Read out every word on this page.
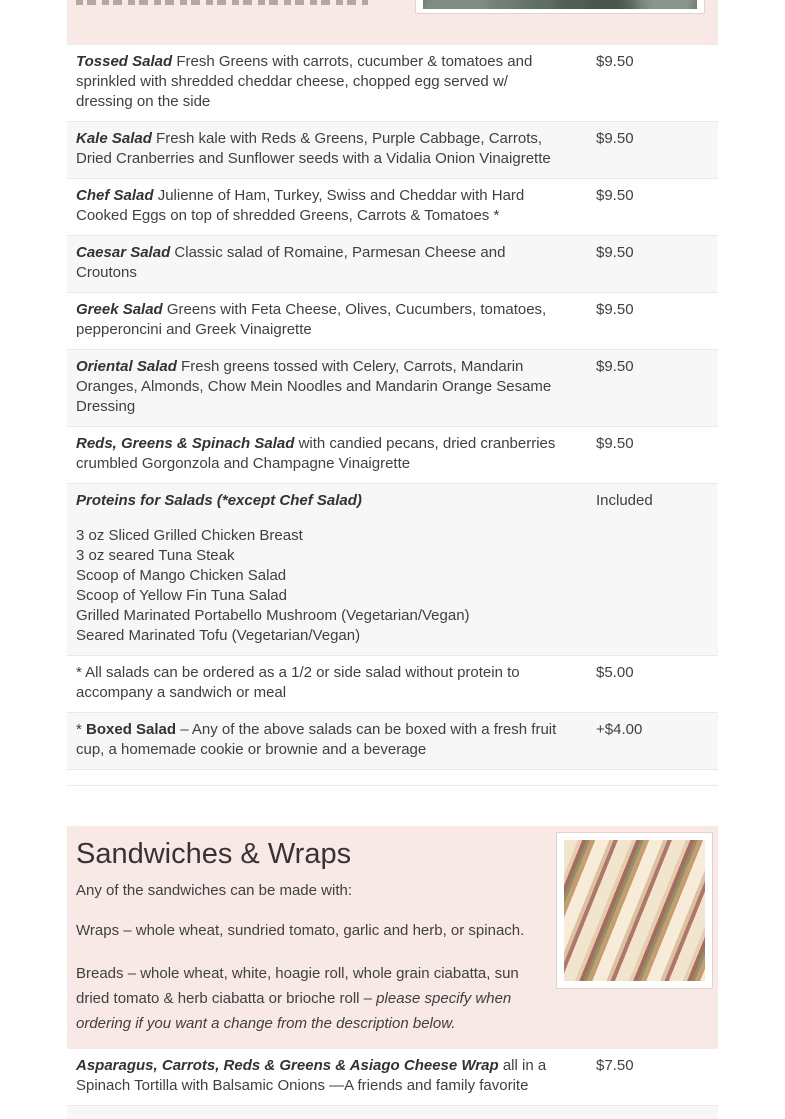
Tossed Salad Fresh Greens with carrots, cucumber & tomatoes and sprinkled with shredded cheddar cheese, chopped egg served w/ dressing on the side
$9.50
Kale Salad Fresh kale with Reds & Greens, Purple Cabbage, Carrots, Dried Cranberries and Sunflower seeds with a Vidalia Onion Vinaigrette
$9.50
Chef Salad Julienne of Ham, Turkey, Swiss and Cheddar with Hard Cooked Eggs on top of shredded Greens, Carrots & Tomatoes *
$9.50
Caesar Salad Classic salad of Romaine, Parmesan Cheese and Croutons
$9.50
Greek Salad Greens with Feta Cheese, Olives, Cucumbers, tomatoes, pepperoncini and Greek Vinaigrette
$9.50
Oriental Salad Fresh greens tossed with Celery, Carrots, Mandarin Oranges, Almonds, Chow Mein Noodles and Mandarin Orange Sesame Dressing
$9.50
Reds, Greens & Spinach Salad with candied pecans, dried cranberries crumbled Gorgonzola and Champagne Vinaigrette
$9.50
Proteins for Salads (*except Chef Salad)
3 oz Sliced Grilled Chicken Breast
3 oz seared Tuna Steak
Scoop of Mango Chicken Salad
Scoop of Yellow Fin Tuna Salad
Grilled Marinated Portabello Mushroom (Vegetarian/Vegan)
Seared Marinated Tofu (Vegetarian/Vegan)
Included
* All salads can be ordered as a 1/2 or side salad without protein to accompany a sandwich or meal
$5.00
* Boxed Salad – Any of the above salads can be boxed with a fresh fruit cup, a homemade cookie or brownie and a beverage
+$4.00
Sandwiches & Wraps

Any of the sandwiches can be made with:

Wraps – whole wheat, sundried tomato, garlic and herb, or spinach.

Breads – whole wheat, white, hoagie roll, whole grain ciabatta, sun dried tomato & herb ciabatta or brioche roll – please specify when ordering if you want a change from the description below.

Asparagus, Carrots, Reds & Greens & Asiago Cheese Wrap all in a Spinach Tortilla with Balsamic Onions —A friends and family favorite
$7.50
